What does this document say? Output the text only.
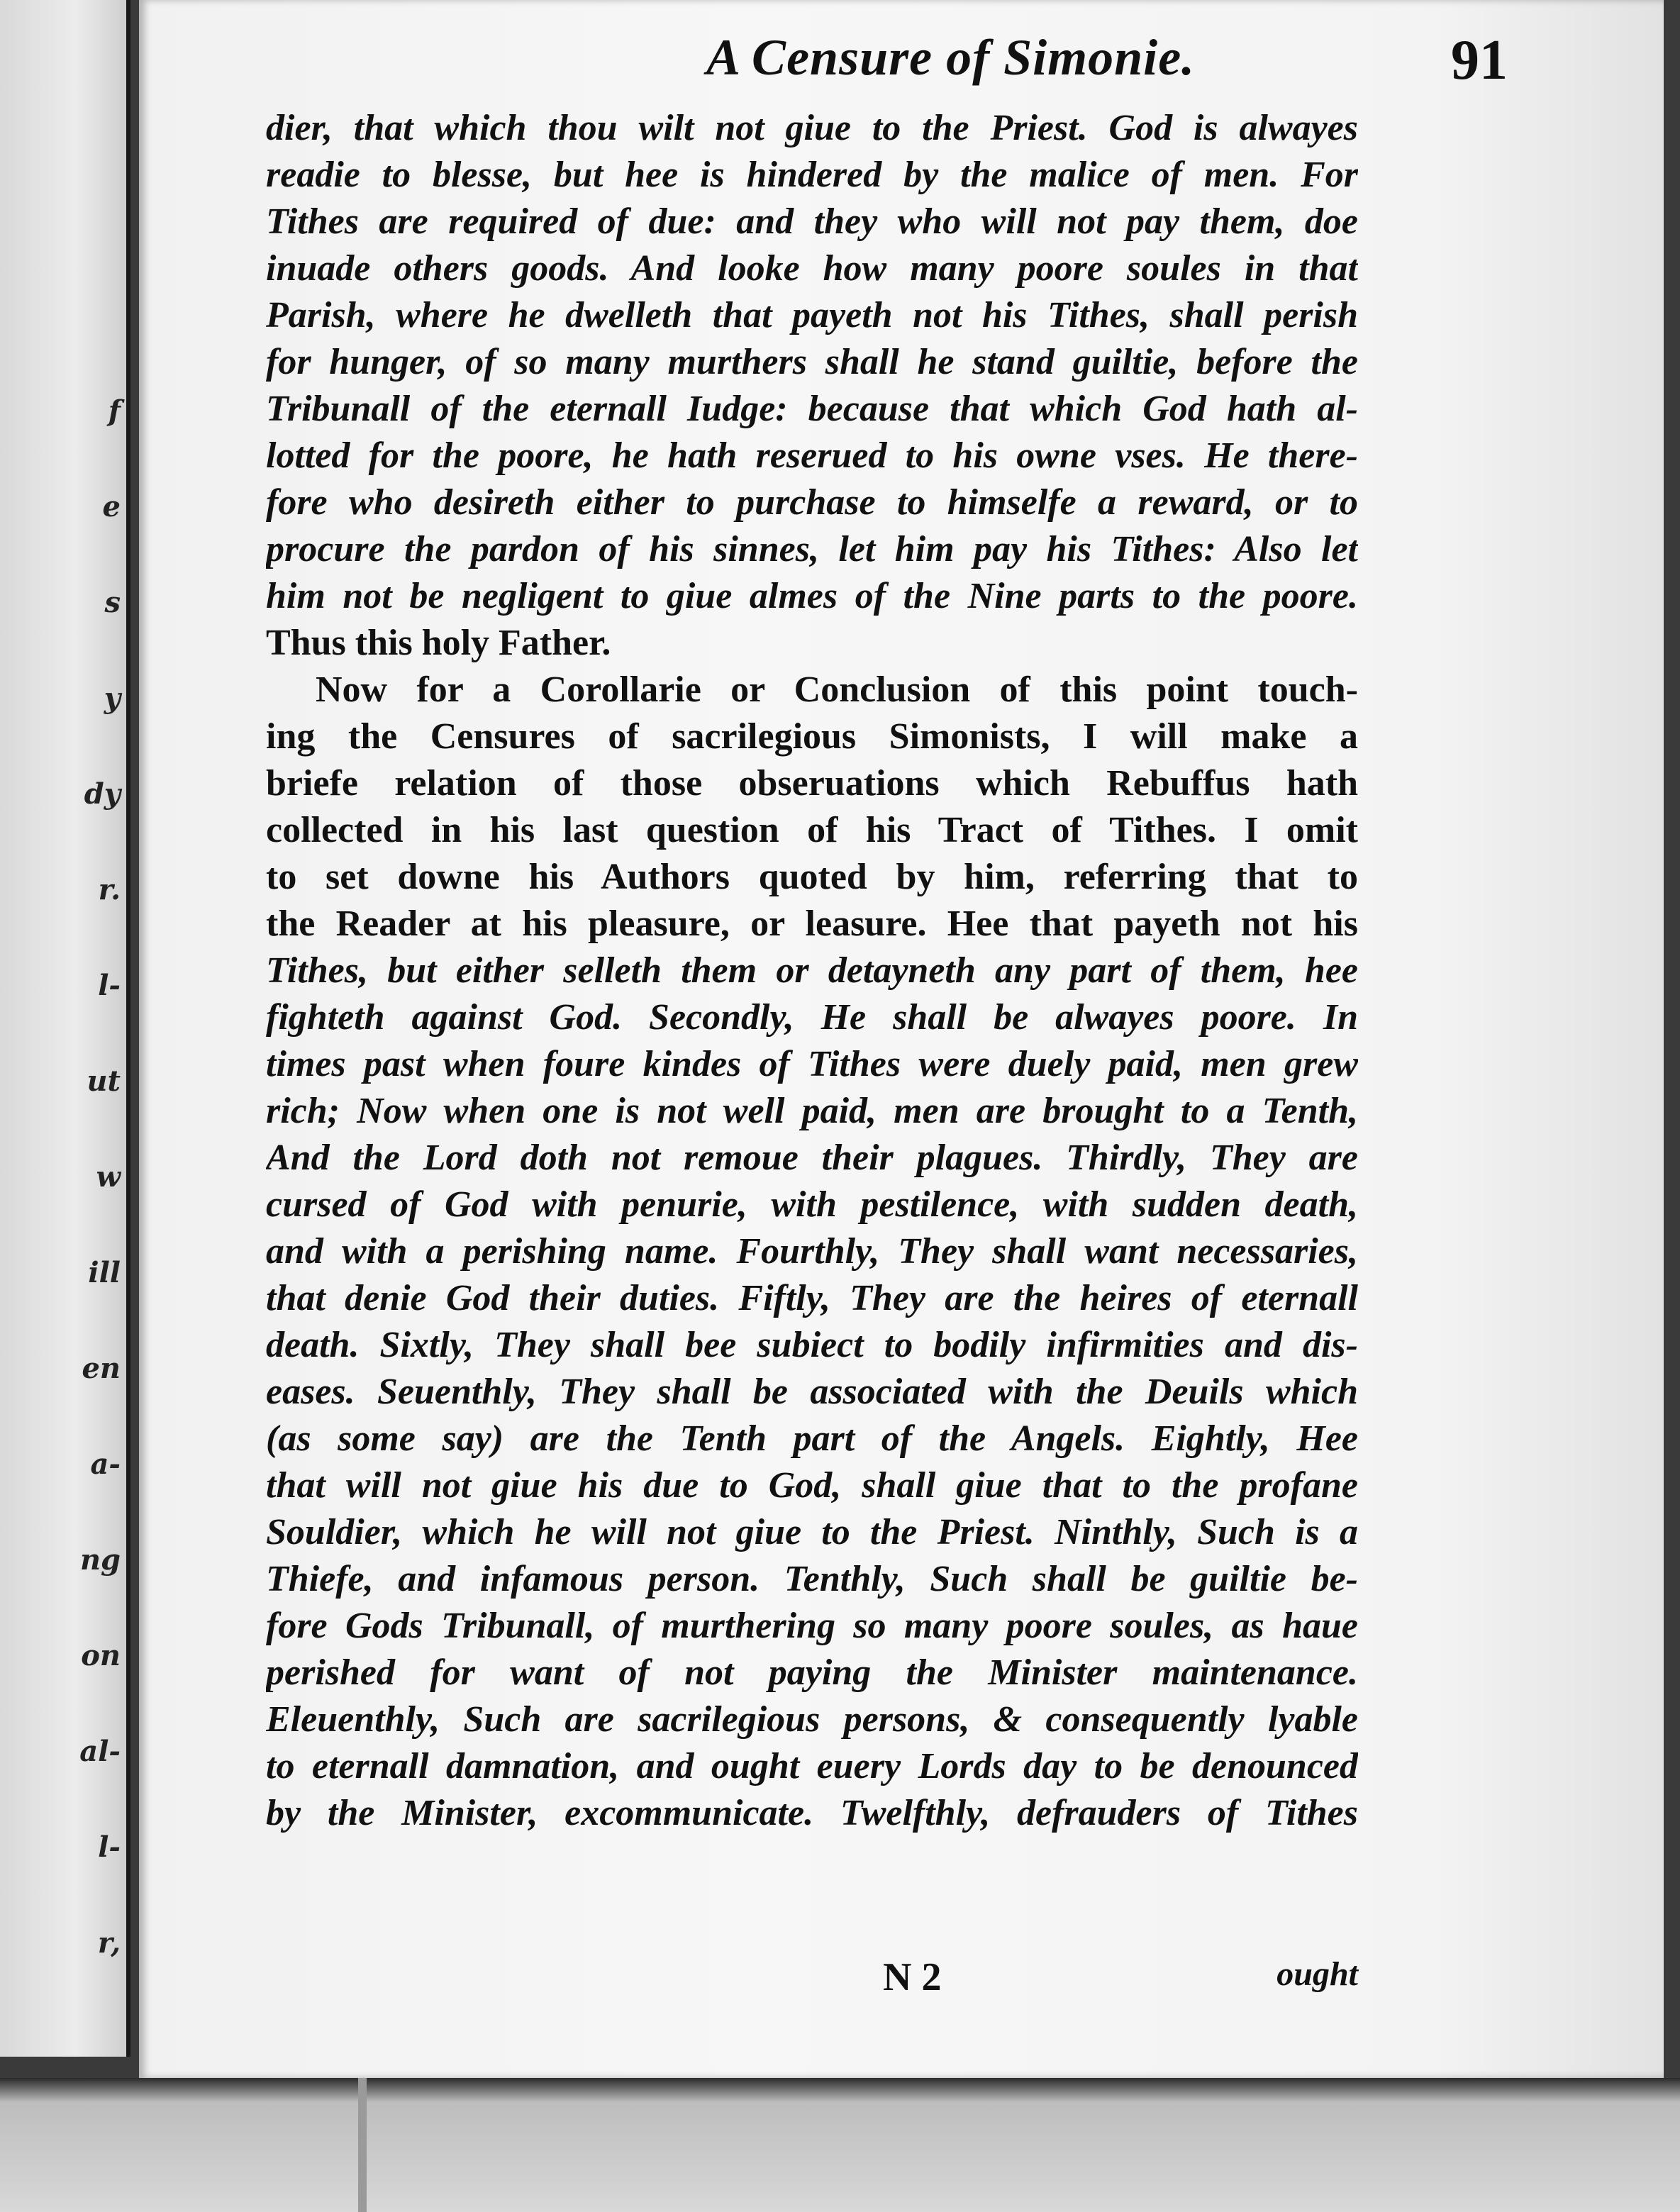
f
e
s
y
dy
r.
l-
ut
w
ill
en
a-
ng
on
al-
l-
r,
A Censure of Simonie.	91
dier, that which thou wilt not giue to the Priest. God is alwayes
readie to blesse, but hee is hindered by the malice of men. For
Tithes are required of due: and they who will not pay them, doe
inuade others goods. And looke how many poore soules in that
Parish, where he dwelleth that payeth not his Tithes, shall perish
for hunger, of so many murthers shall he stand guiltie, before the
Tribunall of the eternall Iudge: because that which God hath al-
lotted for the poore, he hath reserued to his owne vses. He there-
fore who desireth either to purchase to himselfe a reward, or to
procure the pardon of his sinnes, let him pay his Tithes: Also let
him not be negligent to giue almes of the Nine parts to the poore.
Thus this holy Father.
Now for a Corollarie or Conclusion of this point touch-
ing the Censures of sacrilegious Simonists, I will make a
briefe relation of those obseruations which Rebuffus hath
collected in his last question of his Tract of Tithes. I omit
to set downe his Authors quoted by him, referring that to
the Reader at his pleasure, or leasure. Hee that payeth not his
Tithes, but either selleth them or detayneth any part of them, hee
fighteth against God. Secondly, He shall be alwayes poore. In
times past when foure kindes of Tithes were duely paid, men grew
rich; Now when one is not well paid, men are brought to a Tenth,
And the Lord doth not remoue their plagues. Thirdly, They are
cursed of God with penurie, with pestilence, with sudden death,
and with a perishing name. Fourthly, They shall want necessaries,
that denie God their duties. Fiftly, They are the heires of eternall
death. Sixtly, They shall bee subiect to bodily infirmities and dis-
eases. Seuenthly, They shall be associated with the Deuils which
(as some say) are the Tenth part of the Angels. Eightly, Hee
that will not giue his due to God, shall giue that to the profane
Souldier, which he will not giue to the Priest. Ninthly, Such is a
Thiefe, and infamous person. Tenthly, Such shall be guiltie be-
fore Gods Tribunall, of murthering so many poore soules, as haue
perished for want of not paying the Minister maintenance.
Eleuenthly, Such are sacrilegious persons, & consequently lyable
to eternall damnation, and ought euery Lords day to be denounced
by the Minister, excommunicate. Twelfthly, defrauders of Tithes
N 2	ought
